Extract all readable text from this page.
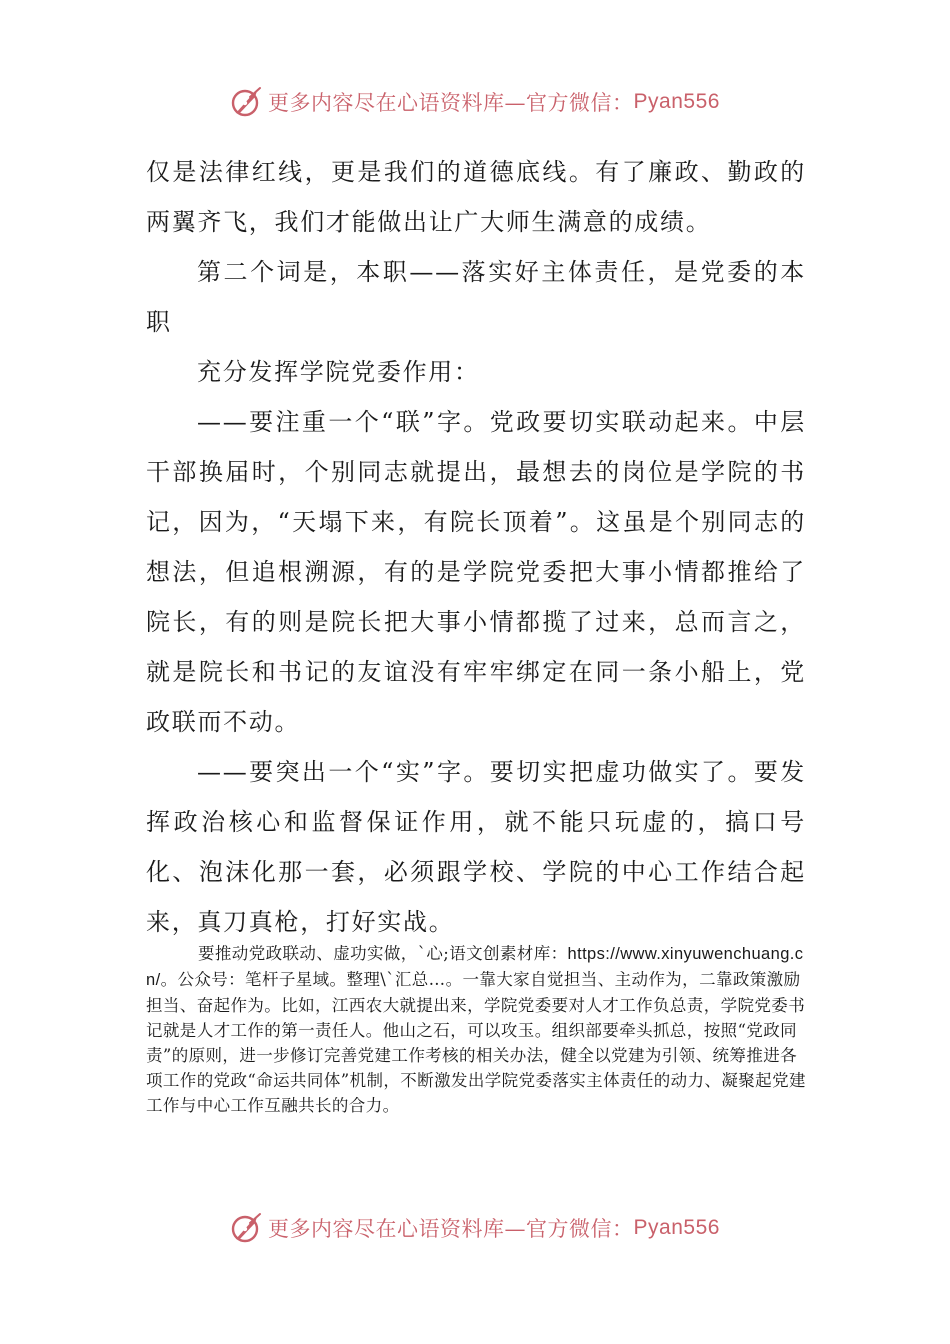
更多内容尽在心语资料库—官方微信： Pyan556

仅是法律红线，更是我们的道德底线。有了廉政、勤政的两翼齐飞，我们才能做出让广大师生满意的成绩。

第二个词是，本职——落实好主体责任，是党委的本职

充分发挥学院党委作用：

——要注重一个“联”字。党政要切实联动起来。中层干部换届时，个别同志就提出，最想去的岗位是学院的书记，因为，“天塌下来，有院长顶着”。这虽是个别同志的想法，但追根溯源，有的是学院党委把大事小情都推给了院长，有的则是院长把大事小情都揽了过来，总而言之，就是院长和书记的友谊没有牢牢绑定在同一条小船上，党政联而不动。

——要突出一个“实”字。要切实把虚功做实了。要发挥政治核心和监督保证作用，就不能只玩虚的，搞口号化、泡沫化那一套，必须跟学校、学院的中心工作结合起来，真刀真枪，打好实战。

要推动党政联动、虚功实做，`心;语文创素材库：https://www.xinyuwenchuang.cn/。公众号：笔杆子星域。整理\`汇总…。一靠大家自觉担当、主动作为，二靠政策激励担当、奋起作为。比如，江西农大就提出来，学院党委要对人才工作负总责，学院党委书记就是人才工作的第一责任人。他山之石，可以攻玉。组织部要牵头抓总，按照“党政同责”的原则，进一步修订完善党建工作考核的相关办法，健全以党建为引领、统筹推进各项工作的党政“命运共同体”机制，不断激发出学院党委落实主体责任的动力、凝聚起党建工作与中心工作互融共长的合力。

更多内容尽在心语资料库—官方微信： Pyan556
